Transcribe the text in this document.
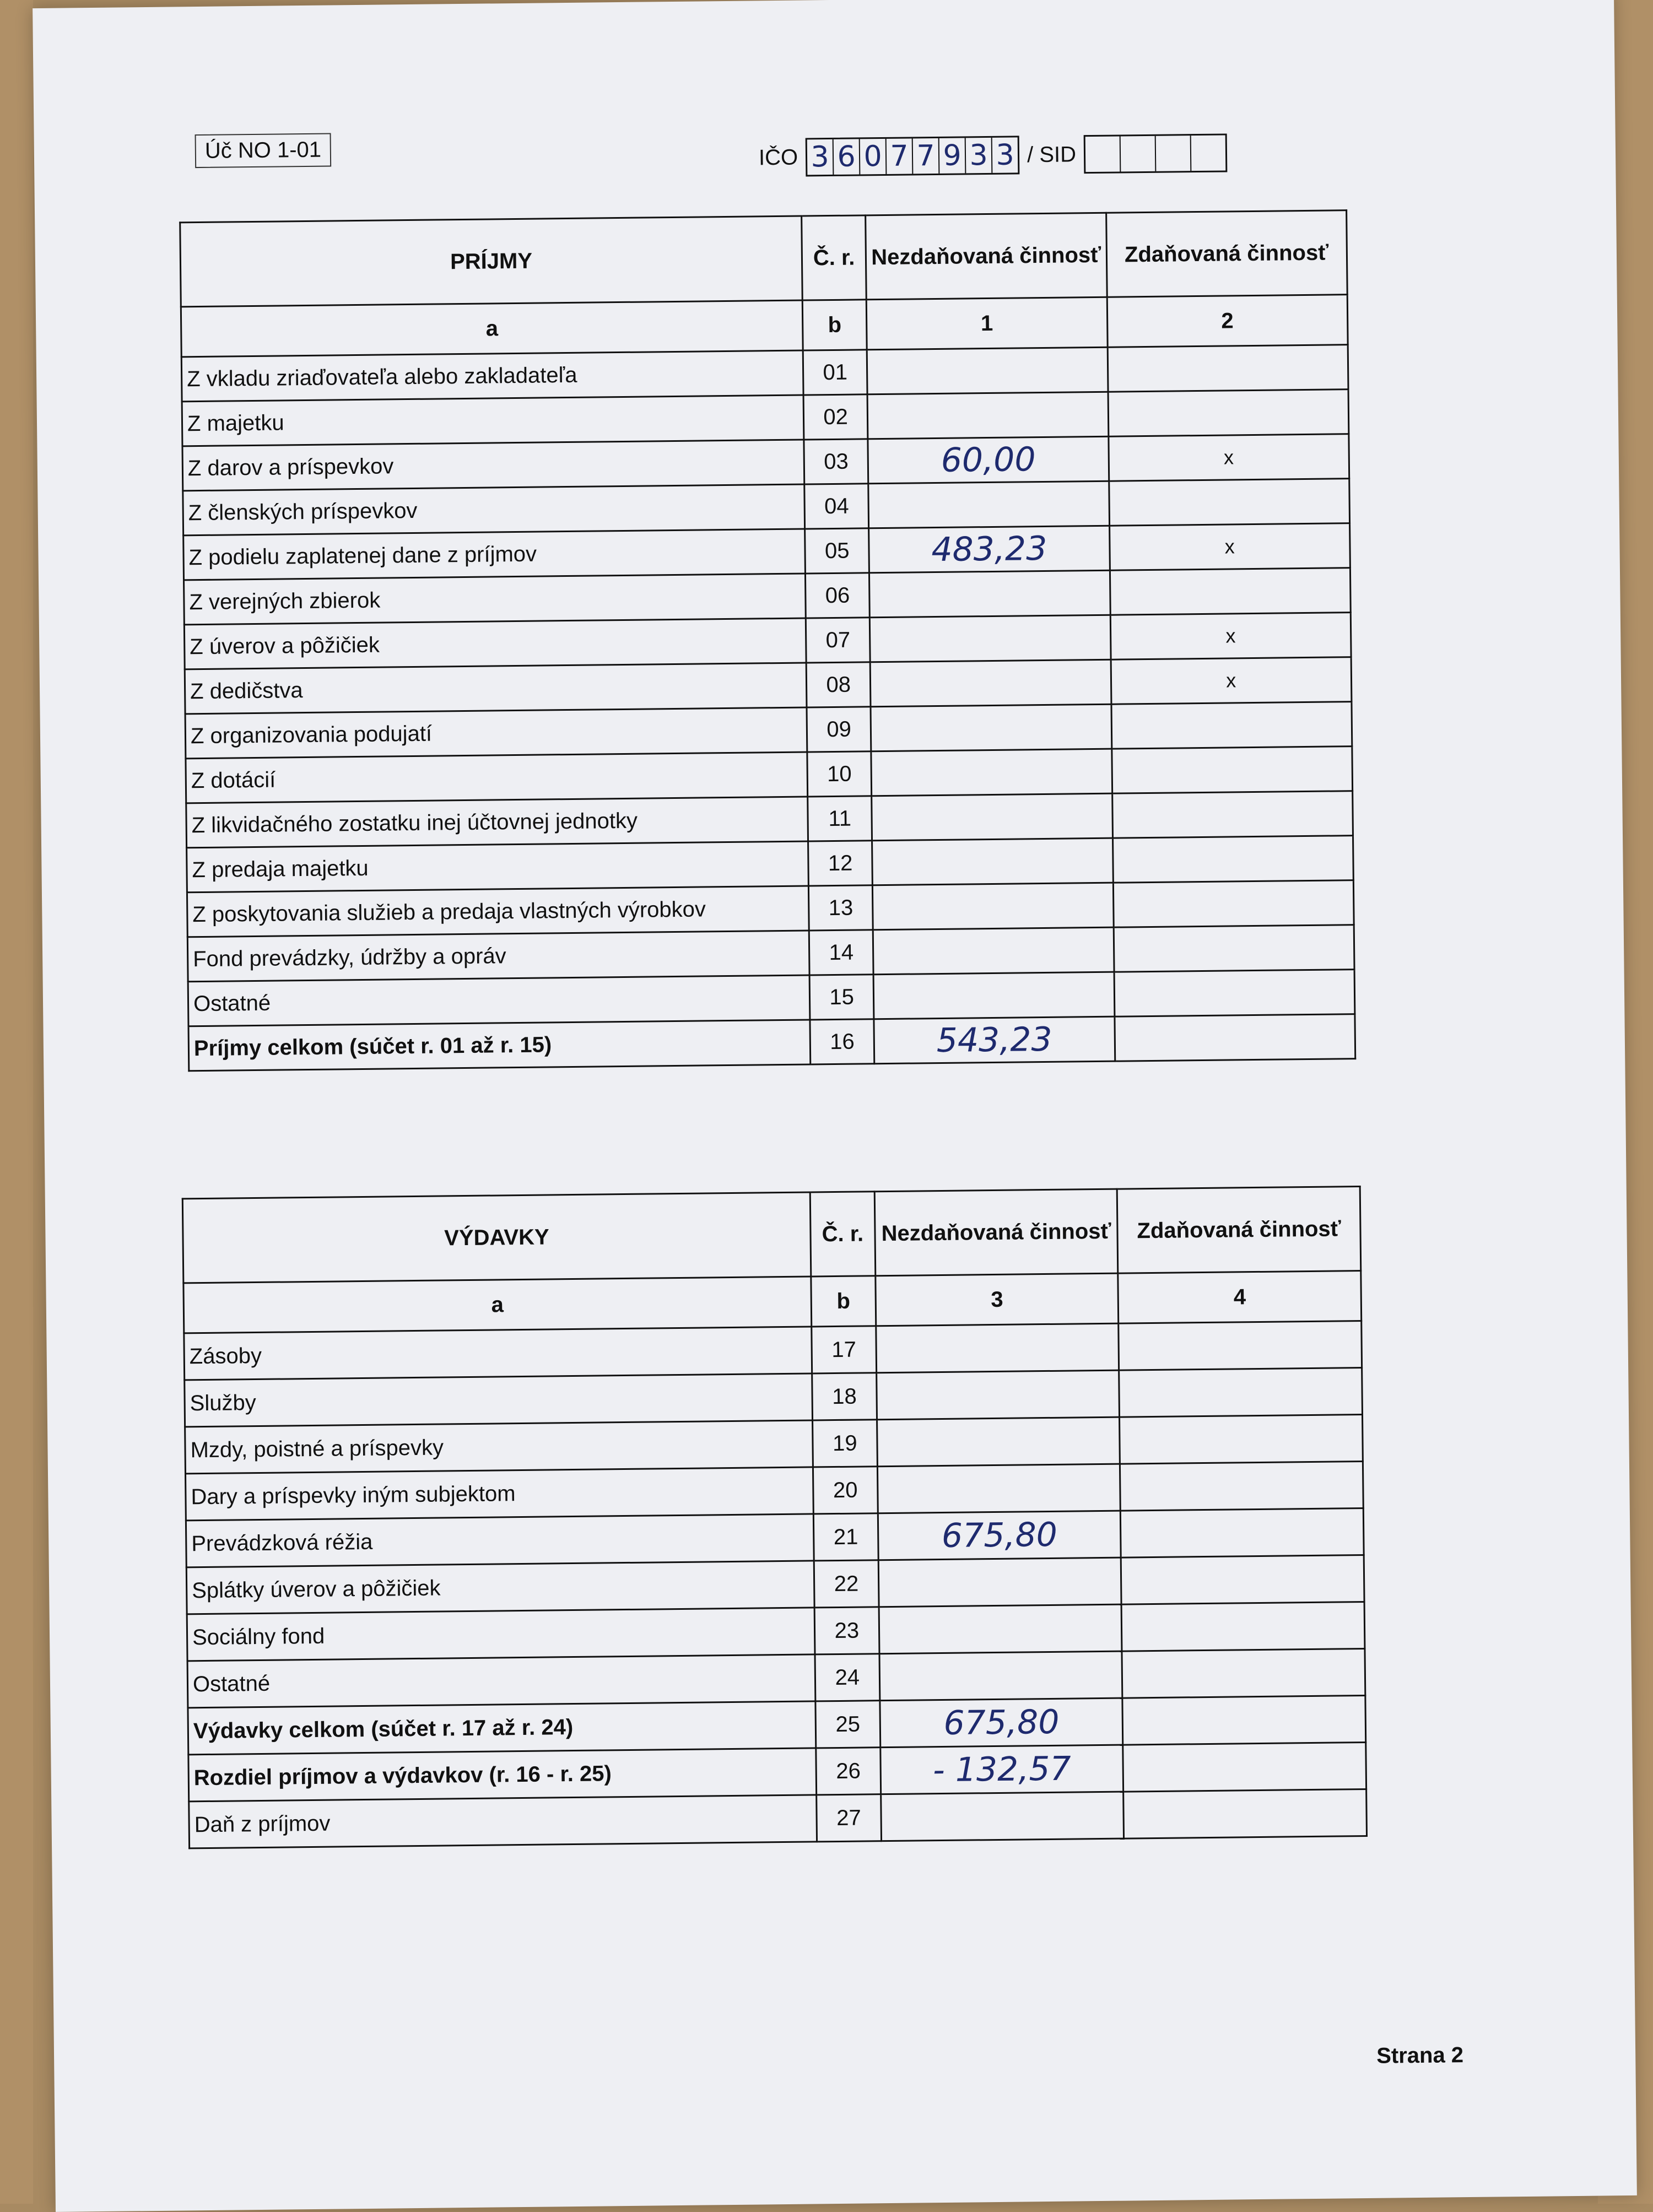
Úč NO 1-01	IČO 3 6 0 7 7 9 3 3 / SID
PRÍJMY	Č. r.	Nezdaňovaná činnosť	Zdaňovaná činnosť
a	b	1	2
Z vkladu zriaďovateľa alebo zakladateľa	01		
Z majetku	02		
Z darov a príspevkov	03	60,00	x
Z členských príspevkov	04		
Z podielu zaplatenej dane z príjmov	05	483,23	x
Z verejných zbierok	06		
Z úverov a pôžičiek	07		x
Z dedičstva	08		x
Z organizovania podujatí	09		
Z dotácií	10		
Z likvidačného zostatku inej účtovnej jednotky	11		
Z predaja majetku	12		
Z poskytovania služieb a predaja vlastných výrobkov	13		
Fond prevádzky, údržby a opráv	14		
Ostatné	15		
Príjmy celkom (súčet r. 01 až r. 15)	16	543,23	
VÝDAVKY	Č. r.	Nezdaňovaná činnosť	Zdaňovaná činnosť
a	b	3	4
Zásoby	17		
Služby	18		
Mzdy, poistné a príspevky	19		
Dary a príspevky iným subjektom	20		
Prevádzková réžia	21	675,80	
Splátky úverov a pôžičiek	22		
Sociálny fond	23		
Ostatné	24		
Výdavky celkom (súčet r. 17 až r. 24)	25	675,80	
Rozdiel príjmov a výdavkov (r. 16 - r. 25)	26	- 132,57	
Daň z príjmov	27		
Strana 2
